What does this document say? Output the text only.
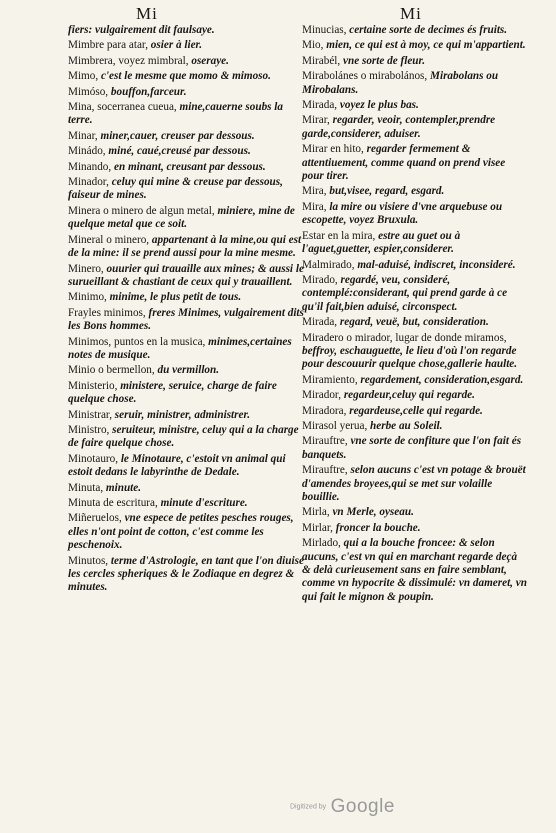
Mi	Mi
fiers: vulgairement dit faulsaye.
Mimbre para atar, osier à lier.
Mimbrera, voyez mimbral, oseraye.
Mimo, c'est le mesme que momo & mimoso.
Mimóso, bouffon,farceur.
Mina, socerranea cueua, mine,cauerne soubs la terre.
Minar, miner,cauer, creuser par dessous.
Minádo, miné, caué,creusé par dessous.
Minando, en minant, creusant par dessous.
Minador, celuy qui mine & creuse par dessous, faiseur de mines.
Minera o minero de algun metal, miniere, mine de quelque metal que ce soit.
Mineral o minero, appartenant à la mine,ou qui est de la mine: il se prend aussi pour la mine mesme.
Minero, ouurier qui trauaille aux mines; & aussi le surueillant & chastiant de ceux qui y trauaillent.
Minimo, minime, le plus petit de tous.
Frayles minimos, freres Minimes, vulgairement dits les Bons hommes.
Minimos, puntos en la musica, minimes,certaines notes de musique.
Minio o bermellon, du vermillon.
Ministerio, ministere, seruice, charge de faire quelque chose.
Ministrar, seruir, ministrer, administrer.
Ministro, seruiteur, ministre, celuy qui a la charge de faire quelque chose.
Minotauro, le Minotaure, c'estoit vn animal qui estoit dedans le labyrinthe de Dedale.
Minuta, minute.
Minuta de escritura, minute d'escriture.
Miñeruelos, vne espece de petites pesches rouges, elles n'ont point de cotton, c'est comme les peschenoix.
Minutos, terme d'Astrologie, en tant que l'on diuise les cercles spheriques & le Zodiaque en degrez & minutes.
Minucias, certaine sorte de decimes és fruits.
Mio, mien, ce qui est à moy, ce qui m'appartient.
Mirabél, vne sorte de fleur.
Mirabolánes o mirabolános, Mirabolans ou Mirobalans.
Mirada, voyez le plus bas.
Mirar, regarder, veoir, contempler,prendre garde,considerer, aduiser.
Mirar en hito, regarder fermement & attentiuement, comme quand on prend visee pour tirer.
Mira, but,visee, regard, esgard.
Mira, la mire ou visiere d'vne arquebuse ou escopette, voyez Bruxula.
Estar en la mira, estre au guet ou à l'aguet,guetter, espier,considerer.
Malmirado, mal-aduisé, indiscret, inconsideré.
Mirado, regardé, veu, consideré, contemplé:considerant, qui prend garde à ce qu'il fait,bien aduisé, circonspect.
Mirada, regard, veuë, but, consideration.
Miradero o mirador, lugar de donde miramos, beffroy, eschauguette, le lieu d'où l'on regarde pour descouurir quelque chose,gallerie haulte.
Miramiento, regardement, consideration,esgard.
Mirador, regardeur,celuy qui regarde.
Miradora, regardeuse,celle qui regarde.
Mirasol yerua, herbe au Soleil.
Mirauftre, vne sorte de confiture que l'on fait és banquets.
Mirauftre, selon aucuns c'est vn potage & brouët d'amendes broyees,qui se met sur volaille bouillie.
Mirla, vn Merle, oyseau.
Mirlar, froncer la bouche.
Mirlado, qui a la bouche froncee: & selon aucuns, c'est vn qui en marchant regarde deçà & delà curieusement sans en faire semblant, comme vn hypocrite & dissimulé: vn dameret, vn qui fait le mignon & poupin.
Digitized by Google
